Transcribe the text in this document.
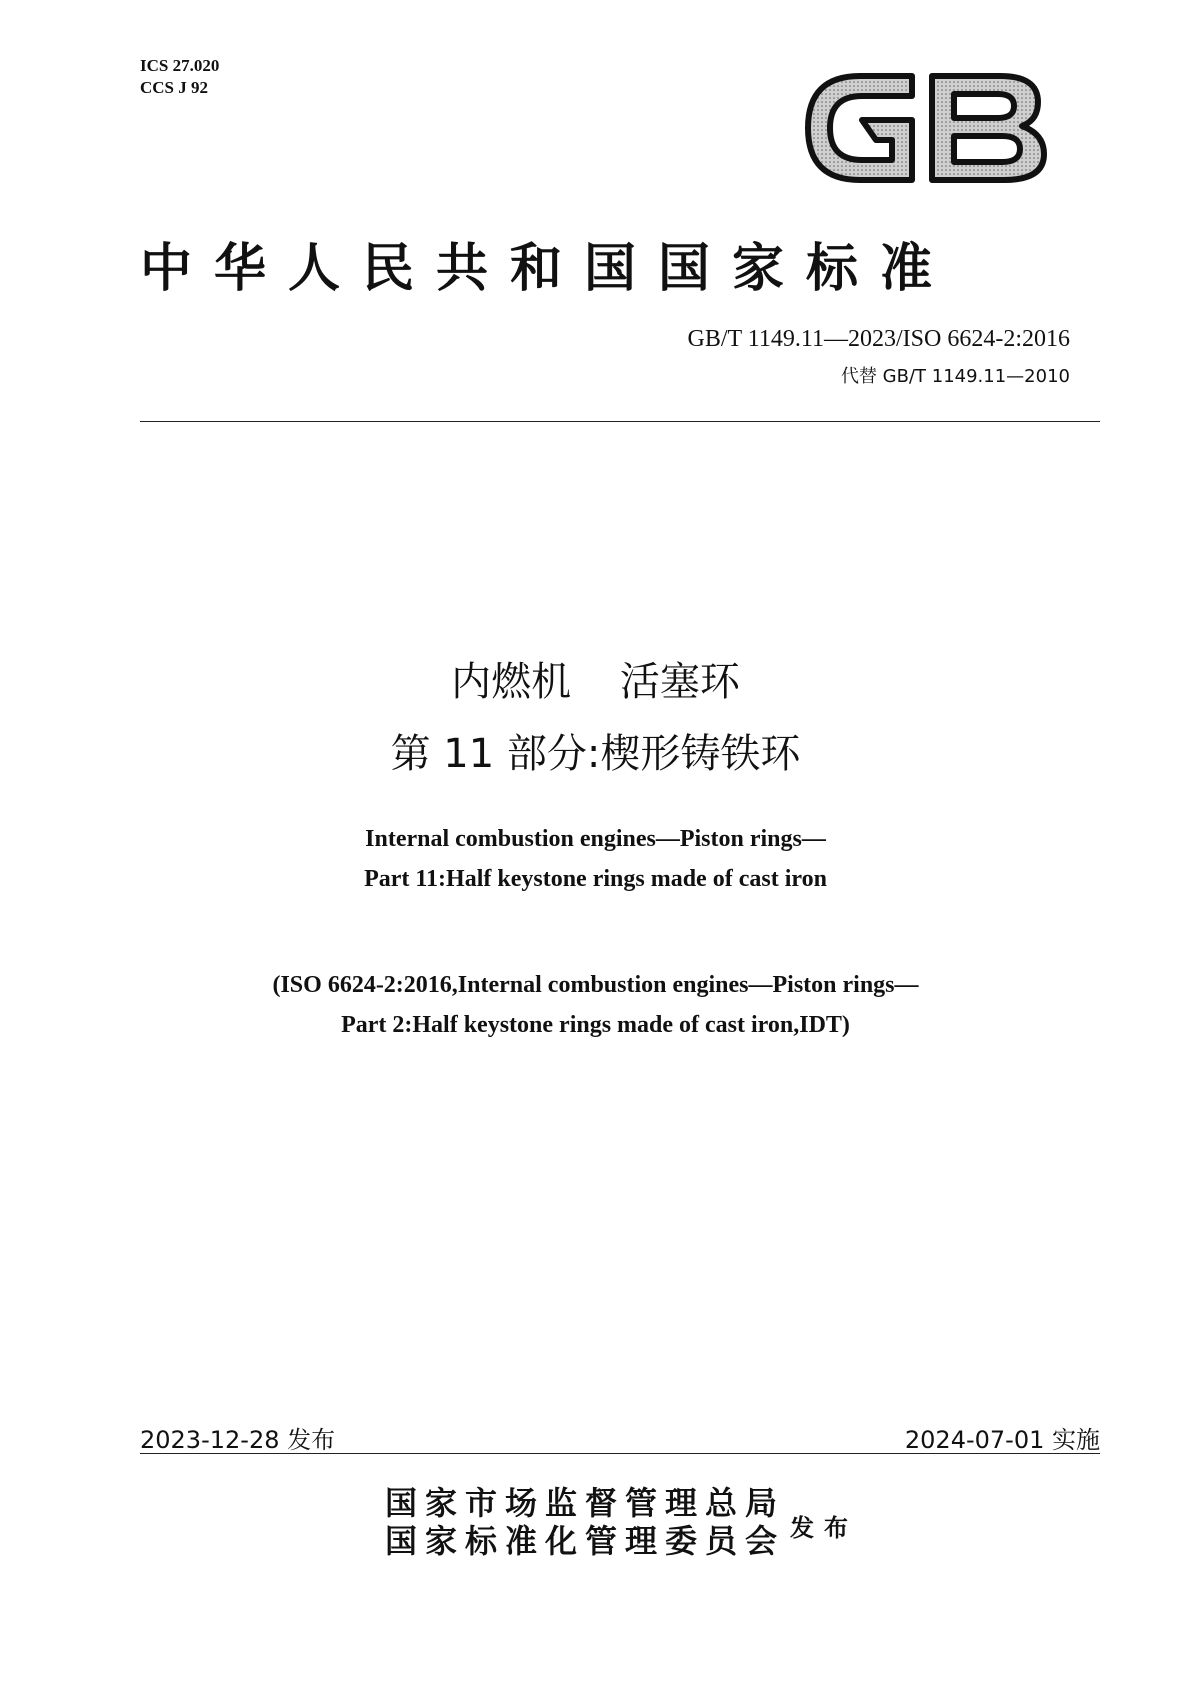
ICS 27.020
CCS J 92
中华人民共和国国家标准
GB/T 1149.11—2023/ISO 6624-2:2016
代替 GB/T 1149.11—2010
内燃机 活塞环
第 11 部分:楔形铸铁环
Internal combustion engines—Piston rings—
Part 11:Half keystone rings made of cast iron
(ISO 6624-2:2016,Internal combustion engines—Piston rings—
Part 2:Half keystone rings made of cast iron,IDT)
2023-12-28 发布	2024-07-01 实施
国家市场监督管理总局
国家标准化管理委员会 发布
